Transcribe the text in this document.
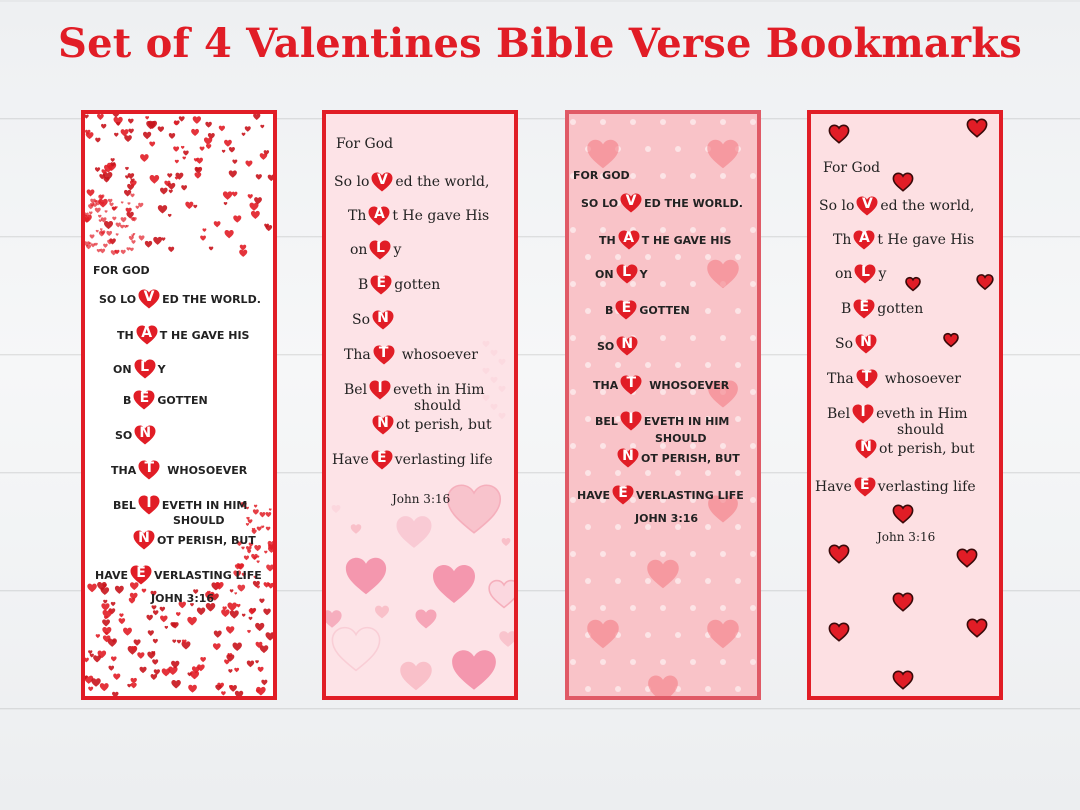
Set of 4 Valentines Bible Verse Bookmarks
FOR GOD
SO LO V ED THE WORLD.
TH A T HE GAVE HIS
ON L Y
B E GOTTEN
SO N
THA T	WHOSOEVER
BEL I EVETH IN HIM
SHOULD
N OT PERISH, BUT
HAVE E VERLASTING LIFE
JOHN 3:16
For God
So lo V ed the world,
Th A t He gave His
on L y
B E gotten
So N
Tha T whosoever
Bel I eveth in Him
should
N ot perish, but
Have E verlasting life
John 3:16
FOR GOD
SO LO V ED THE WORLD.
TH A T HE GAVE HIS
ON L Y
B E GOTTEN
SO N
THA T	WHOSOEVER
BEL I EVETH IN HIM
SHOULD
N OT PERISH, BUT
HAVE E VERLASTING LIFE
JOHN 3:16
For God
So lo V ed the world,
Th A t He gave His
on L y
B E gotten
So N
Tha T whosoever
Bel I eveth in Him
should
N ot perish, but
Have E verlasting life
John 3:16
